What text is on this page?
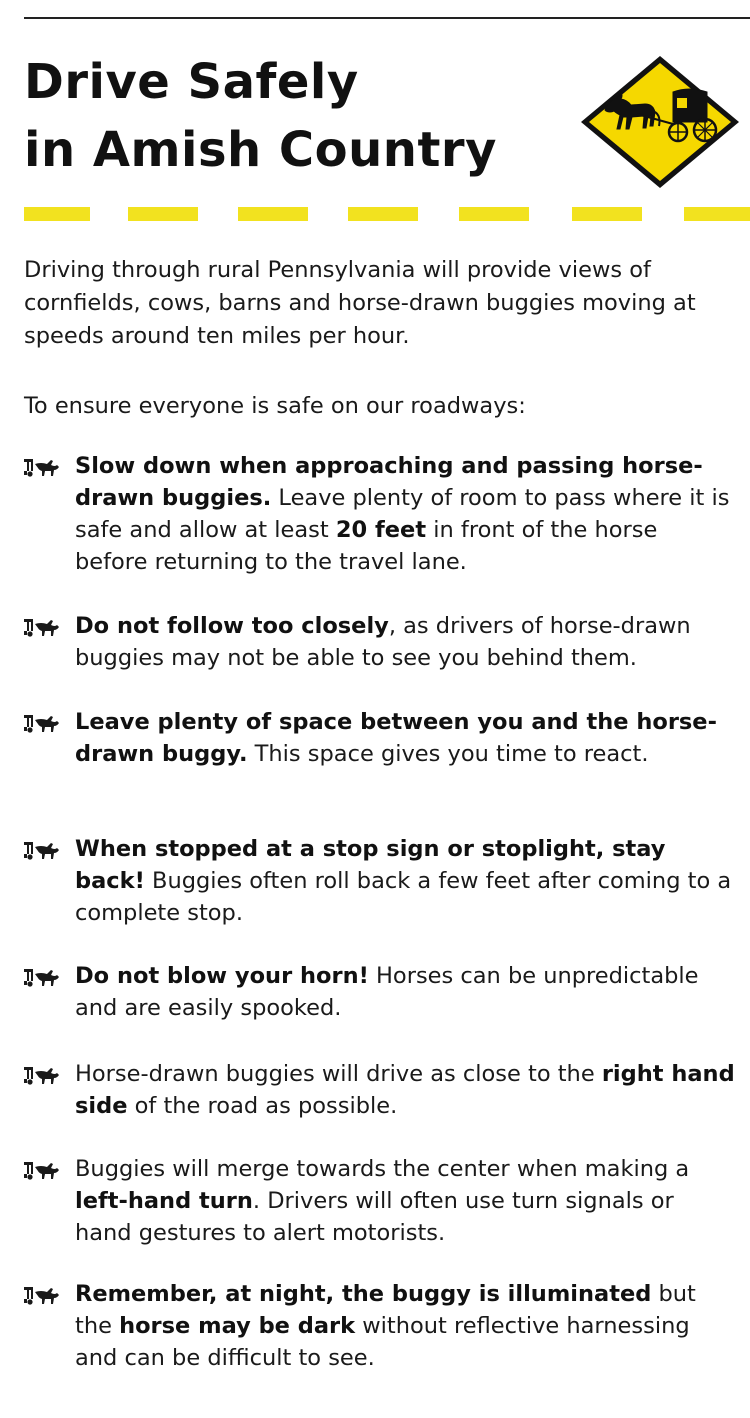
Drive Safely
in Amish Country

Driving through rural Pennsylvania will provide views of cornfields, cows, barns and horse-drawn buggies moving at speeds around ten miles per hour.

To ensure everyone is safe on our roadways:

Slow down when approaching and passing horse-drawn buggies. Leave plenty of room to pass where it is safe and allow at least 20 feet in front of the horse before returning to the travel lane.

Do not follow too closely, as drivers of horse-drawn buggies may not be able to see you behind them.

Leave plenty of space between you and the horse-drawn buggy. This space gives you time to react.

When stopped at a stop sign or stoplight, stay back! Buggies often roll back a few feet after coming to a complete stop.

Do not blow your horn! Horses can be unpredictable and are easily spooked.

Horse-drawn buggies will drive as close to the right hand side of the road as possible.

Buggies will merge towards the center when making a left-hand turn. Drivers will often use turn signals or hand gestures to alert motorists.

Remember, at night, the buggy is illuminated but the horse may be dark without reflective harnessing and can be difficult to see.
